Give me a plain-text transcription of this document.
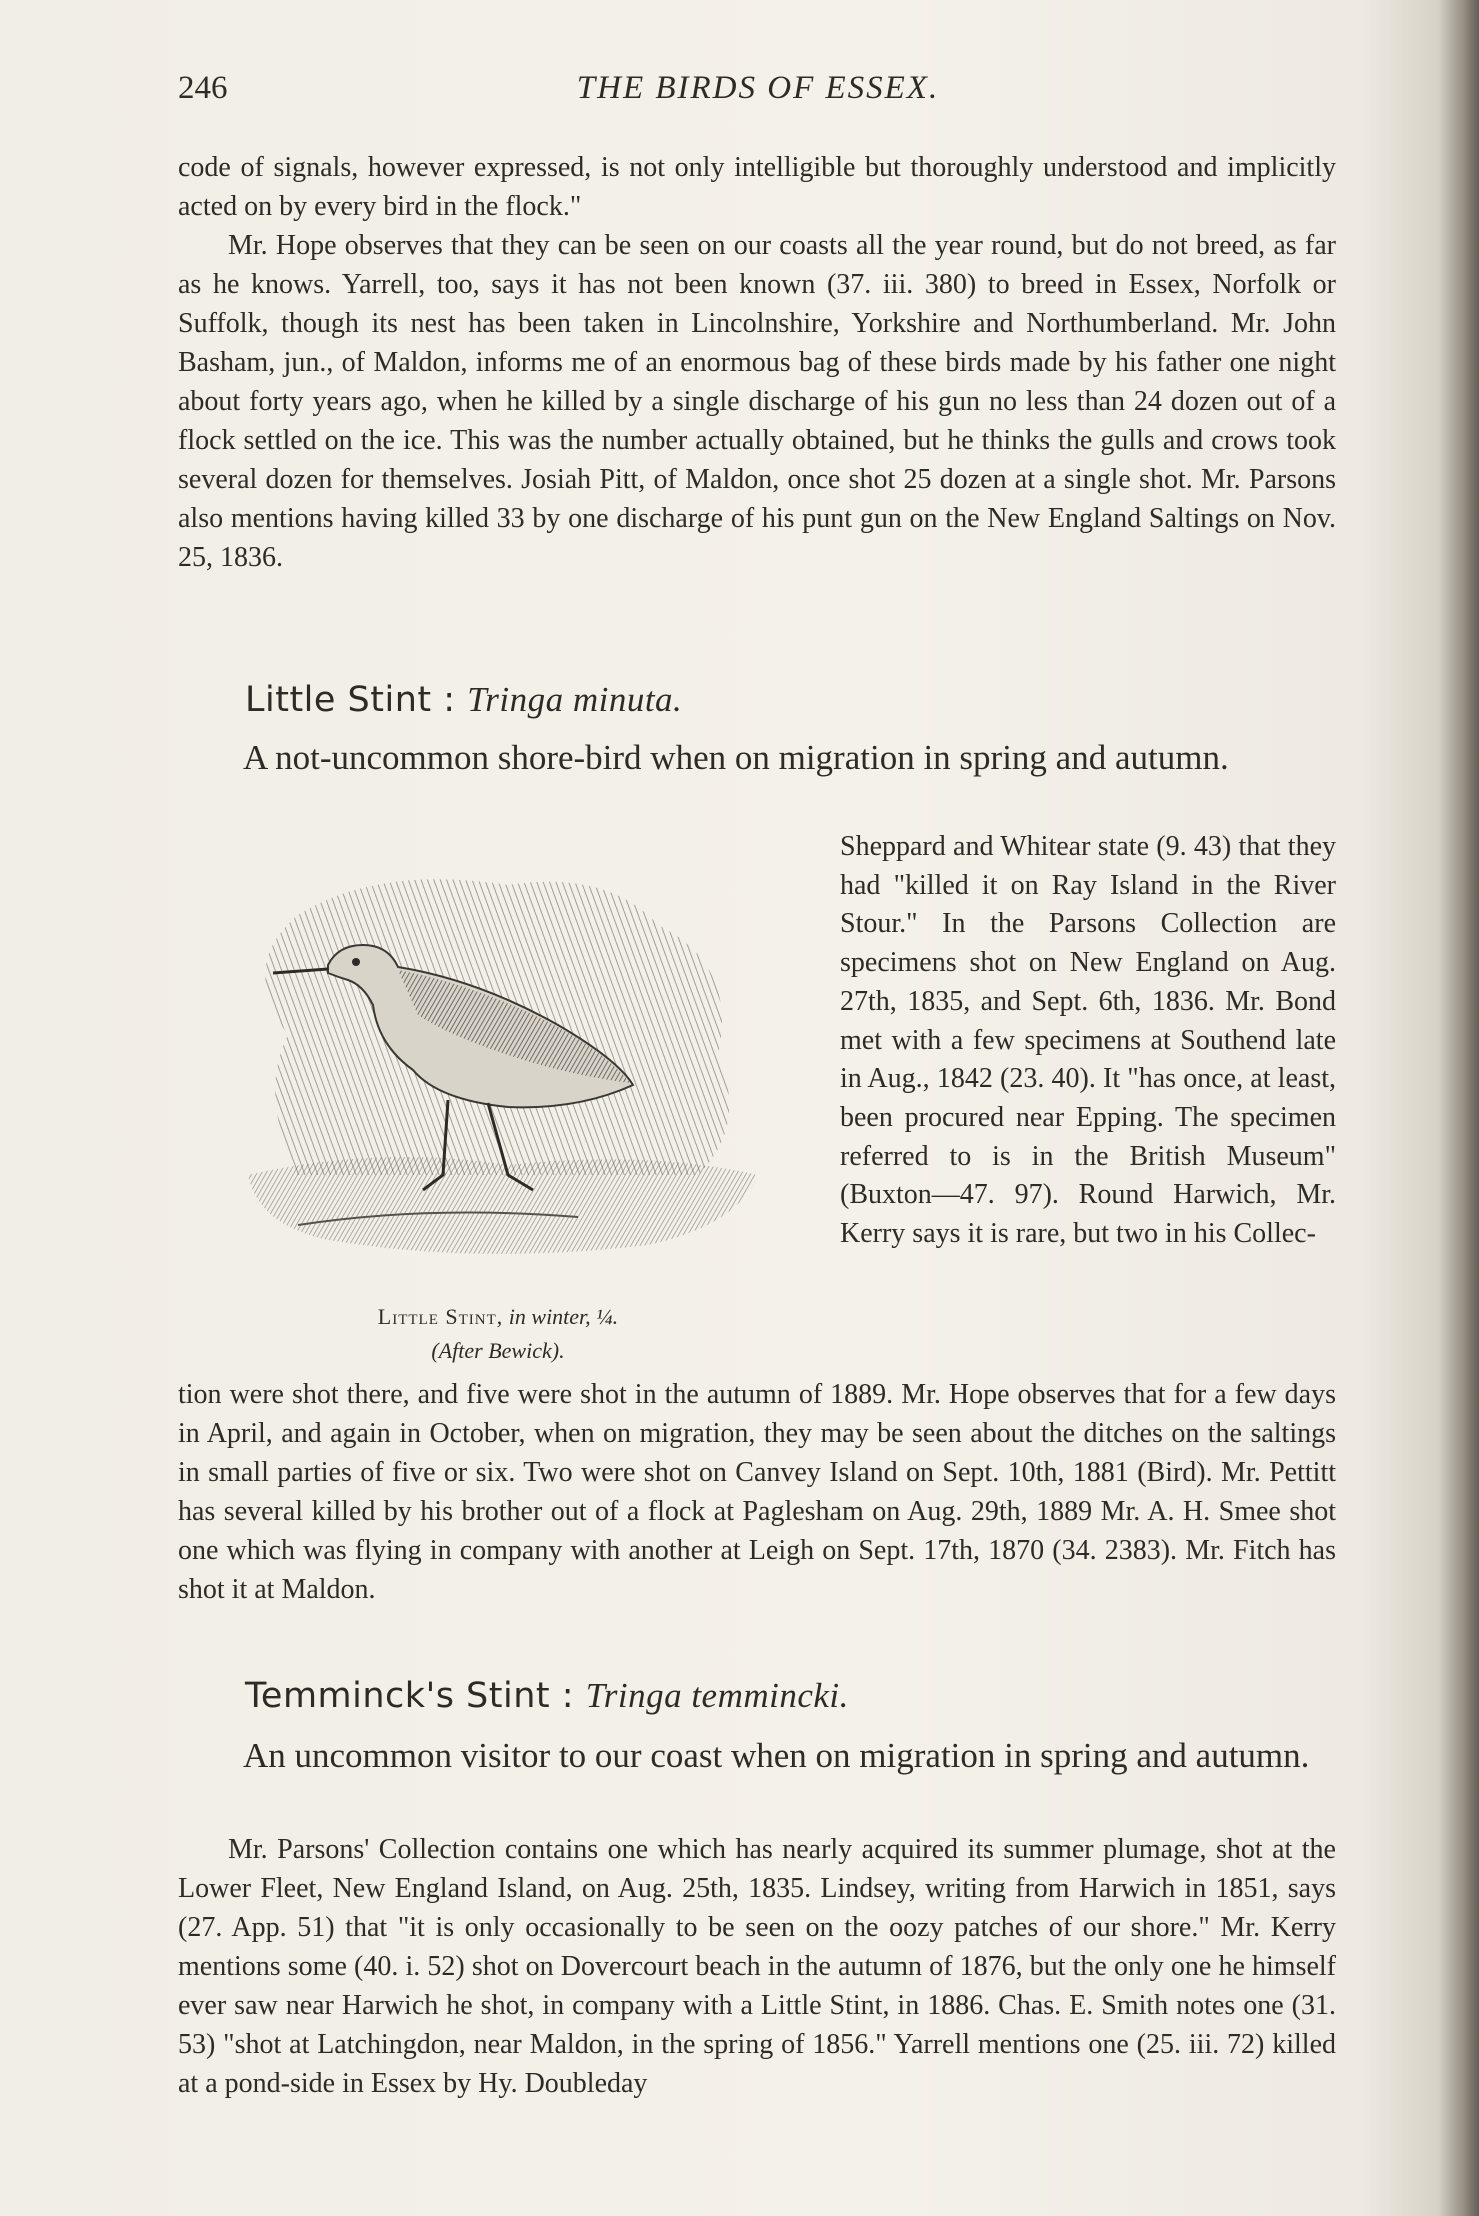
246	THE BIRDS OF ESSEX.

code of signals, however expressed, is not only intelligible but thoroughly understood and implicitly acted on by every bird in the flock."

Mr. Hope observes that they can be seen on our coasts all the year round, but do not breed, as far as he knows. Yarrell, too, says it has not been known (37. iii. 380) to breed in Essex, Norfolk or Suffolk, though its nest has been taken in Lincolnshire, Yorkshire and Northumberland. Mr. John Basham, jun., of Maldon, informs me of an enormous bag of these birds made by his father one night about forty years ago, when he killed by a single discharge of his gun no less than 24 dozen out of a flock settled on the ice. This was the number actually obtained, but he thinks the gulls and crows took several dozen for themselves. Josiah Pitt, of Maldon, once shot 25 dozen at a single shot. Mr. Parsons also mentions having killed 33 by one discharge of his punt gun on the New England Saltings on Nov. 25, 1836.

Little Stint : Tringa minuta.

A not-uncommon shore-bird when on migration in spring and autumn.

Little Stint, in winter, ¼.
(After Bewick).

Sheppard and Whitear state (9. 43) that they had "killed it on Ray Island in the River Stour." In the Parsons Collection are specimens shot on New England on Aug. 27th, 1835, and Sept. 6th, 1836. Mr. Bond met with a few specimens at Southend late in Aug., 1842 (23. 40). It "has once, at least, been procured near Epping. The specimen referred to is in the British Museum" (Buxton—47. 97). Round Harwich, Mr. Kerry says it is rare, but two in his Collec-

tion were shot there, and five were shot in the autumn of 1889. Mr. Hope observes that for a few days in April, and again in October, when on migration, they may be seen about the ditches on the saltings in small parties of five or six. Two were shot on Canvey Island on Sept. 10th, 1881 (Bird). Mr. Pettitt has several killed by his brother out of a flock at Paglesham on Aug. 29th, 1889 Mr. A. H. Smee shot one which was flying in company with another at Leigh on Sept. 17th, 1870 (34. 2383). Mr. Fitch has shot it at Maldon.

Temminck's Stint : Tringa temmincki.

An uncommon visitor to our coast when on migration in spring and autumn.

Mr. Parsons' Collection contains one which has nearly acquired its summer plumage, shot at the Lower Fleet, New England Island, on Aug. 25th, 1835. Lindsey, writing from Harwich in 1851, says (27. App. 51) that "it is only occasionally to be seen on the oozy patches of our shore." Mr. Kerry mentions some (40. i. 52) shot on Dovercourt beach in the autumn of 1876, but the only one he himself ever saw near Harwich he shot, in company with a Little Stint, in 1886. Chas. E. Smith notes one (31. 53) "shot at Latchingdon, near Maldon, in the spring of 1856." Yarrell mentions one (25. iii. 72) killed at a pond-side in Essex by Hy. Doubleday
